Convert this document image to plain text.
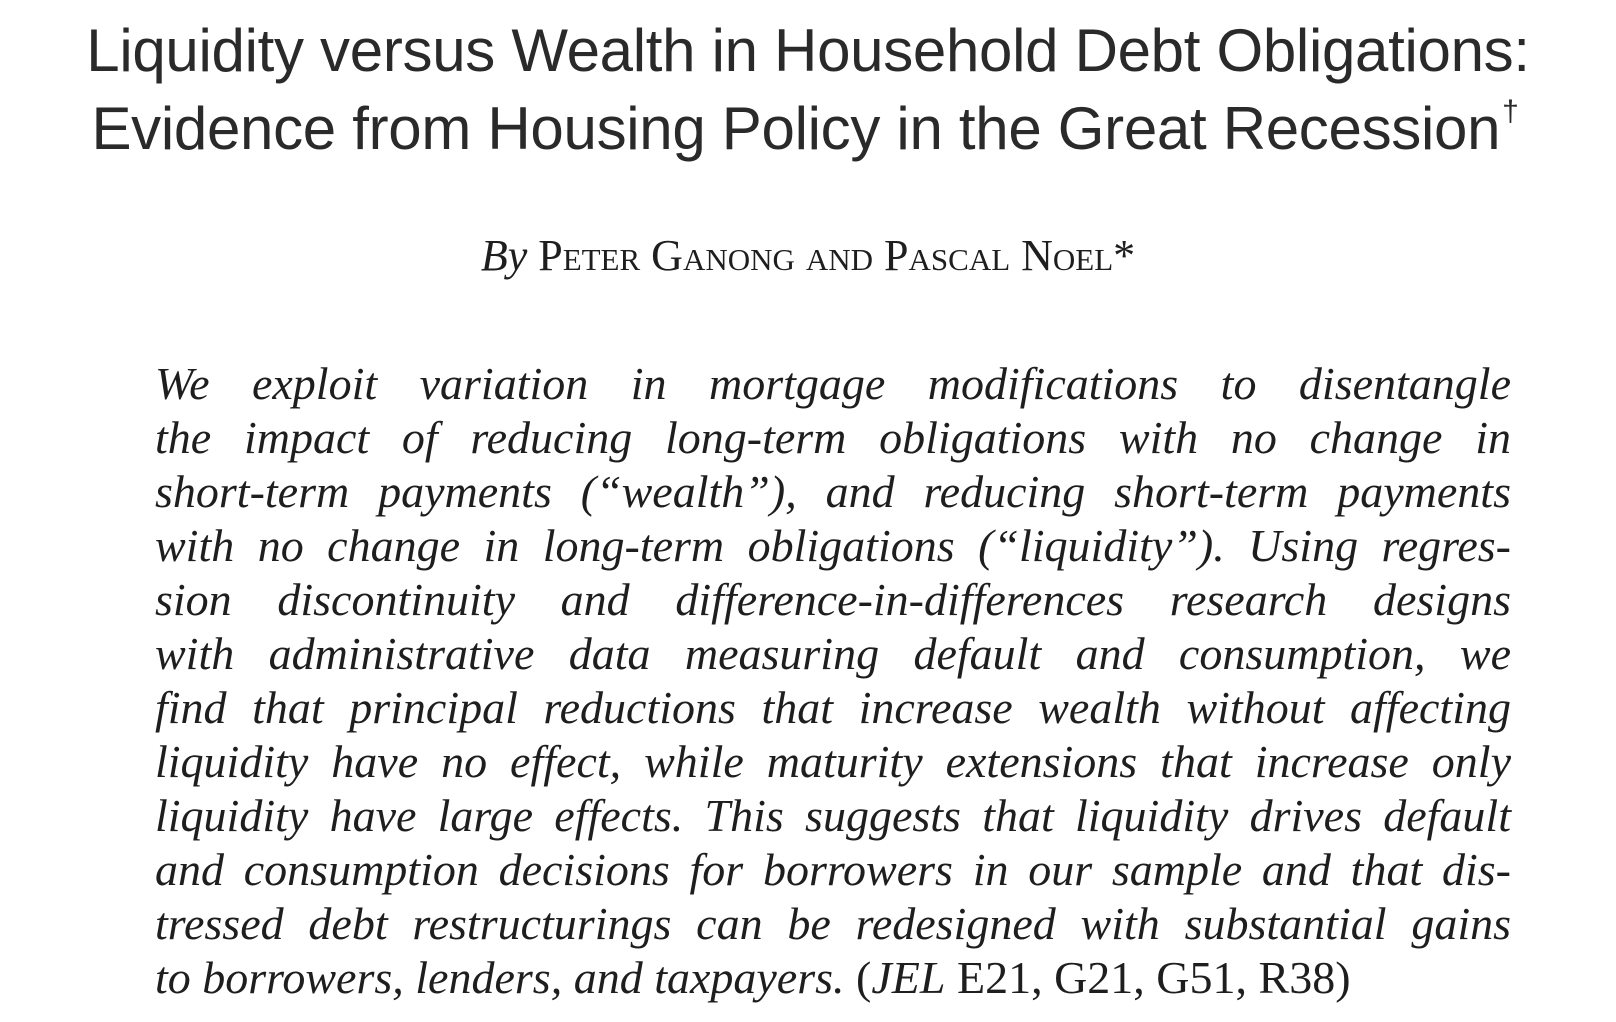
Liquidity versus Wealth in Household Debt Obligations:
Evidence from Housing Policy in the Great Recession†
By Peter Ganong and Pascal Noel*
We exploit variation in mortgage modifications to disentangle
the impact of reducing long-term obligations with no change in
short-term payments (“wealth”), and reducing short-term payments
with no change in long-term obligations (“liquidity”). Using regres-
sion discontinuity and difference-in-differences research designs
with administrative data measuring default and consumption, we
find that principal reductions that increase wealth without affecting
liquidity have no effect, while maturity extensions that increase only
liquidity have large effects. This suggests that liquidity drives default
and consumption decisions for borrowers in our sample and that dis-
tressed debt restructurings can be redesigned with substantial gains
to borrowers, lenders, and taxpayers. (JEL E21, G21, G51, R38)
